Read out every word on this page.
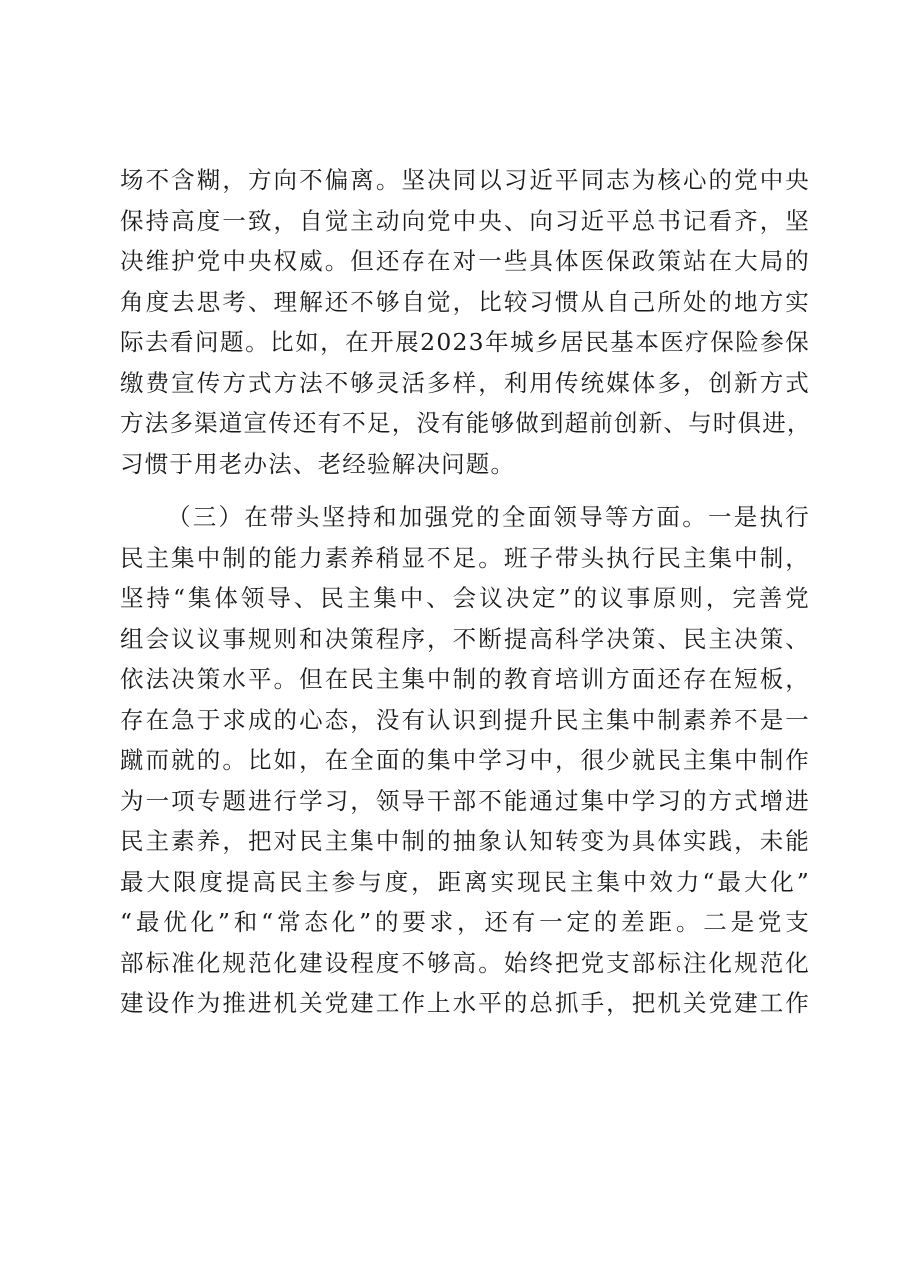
场不含糊，方向不偏离。坚决同以习近平同志为核心的党中央
保持高度一致，自觉主动向党中央、向习近平总书记看齐，坚
决维护党中央权威。但还存在对一些具体医保政策站在大局的
角度去思考、理解还不够自觉，比较习惯从自己所处的地方实
际去看问题。比如，在开展2023年城乡居民基本医疗保险参保
缴费宣传方式方法不够灵活多样，利用传统媒体多，创新方式
方法多渠道宣传还有不足，没有能够做到超前创新、与时俱进，
习惯于用老办法、老经验解决问题。
（三）在带头坚持和加强党的全面领导等方面。一是执行
民主集中制的能力素养稍显不足。班子带头执行民主集中制，
坚持“集体领导、民主集中、会议决定”的议事原则，完善党
组会议议事规则和决策程序，不断提高科学决策、民主决策、
依法决策水平。但在民主集中制的教育培训方面还存在短板，
存在急于求成的心态，没有认识到提升民主集中制素养不是一
蹴而就的。比如，在全面的集中学习中，很少就民主集中制作
为一项专题进行学习，领导干部不能通过集中学习的方式增进
民主素养，把对民主集中制的抽象认知转变为具体实践，未能
最大限度提高民主参与度，距离实现民主集中效力“最大化”
“最优化”和“常态化”的要求，还有一定的差距。二是党支
部标准化规范化建设程度不够高。始终把党支部标注化规范化
建设作为推进机关党建工作上水平的总抓手，把机关党建工作
